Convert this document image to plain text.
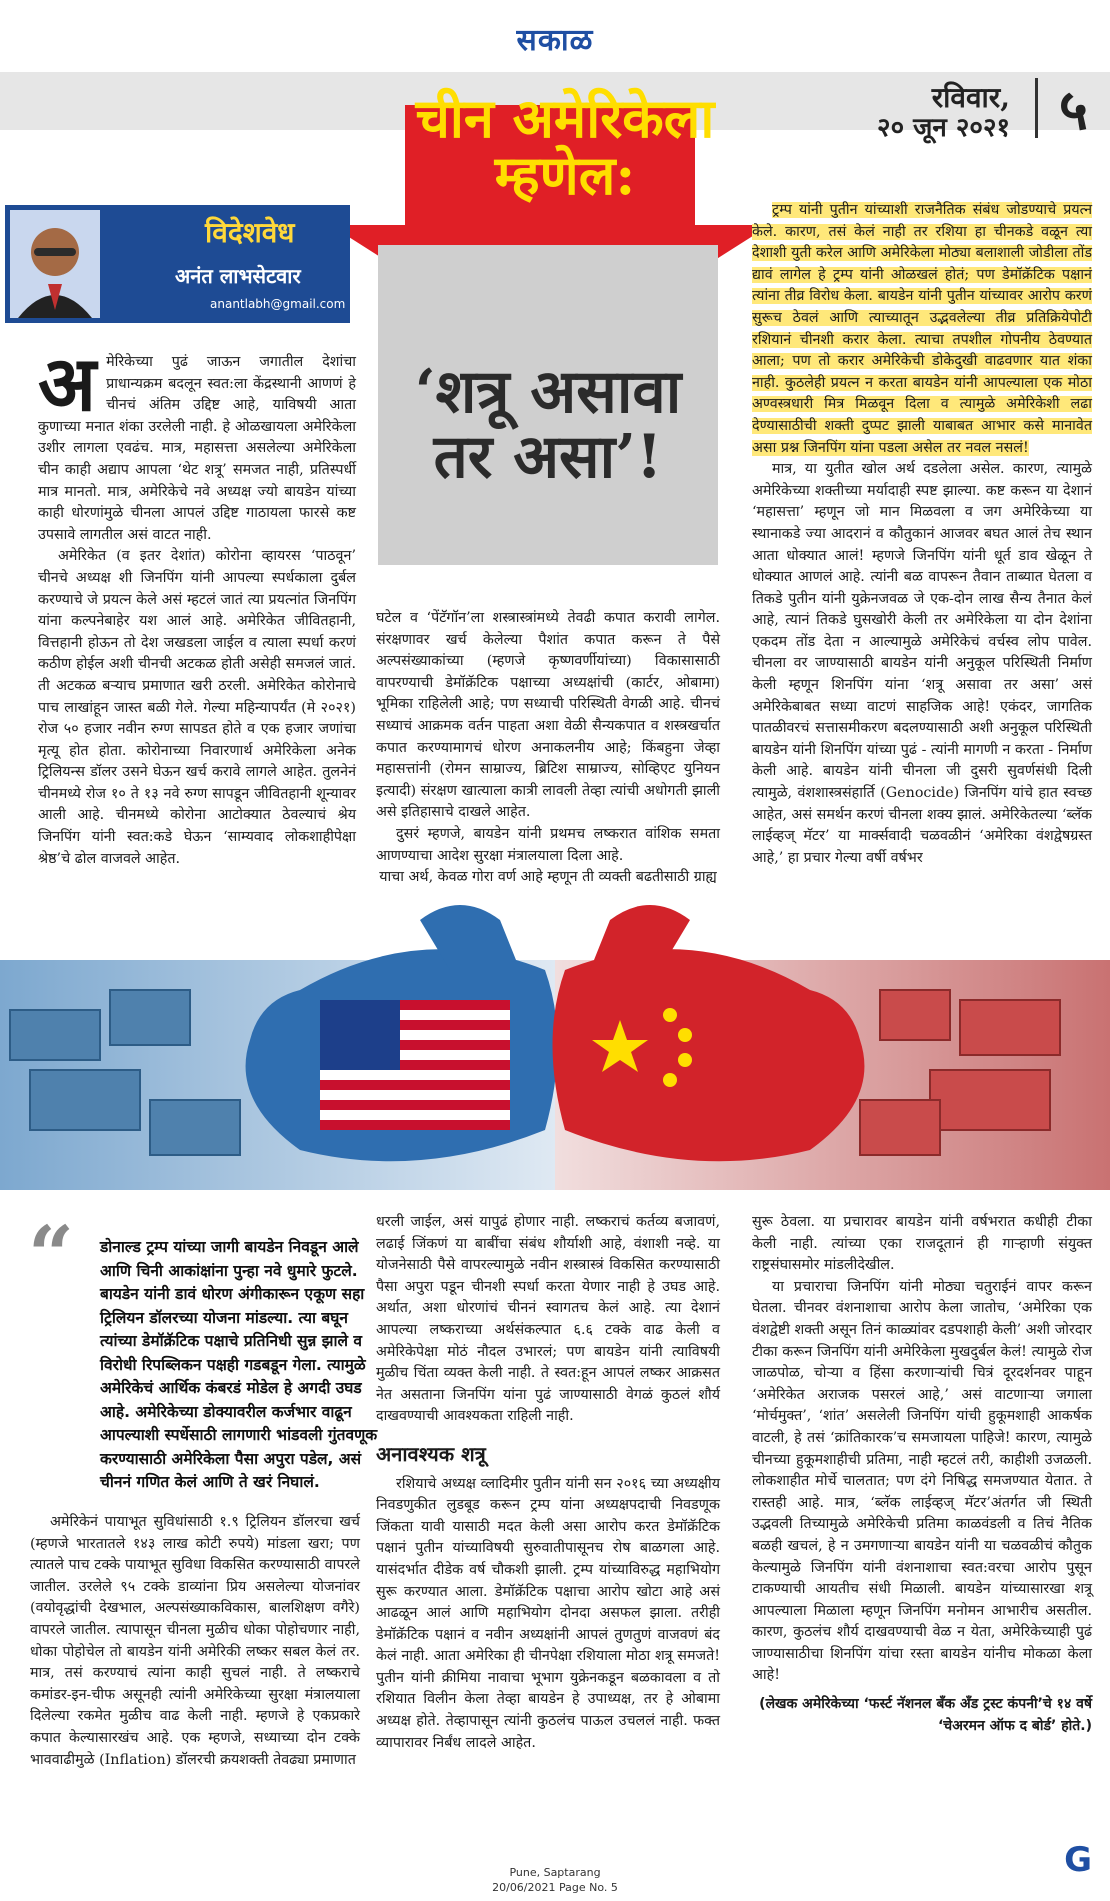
सकाळ
रविवार,
२० जून २०२१ ५
चीन अमेरिकेला म्हणेल:
‘शत्रू असावा तर असा’!
विदेशवेध
अनंत लाभसेटवार
anantlabh@gmail.com
अ मेरिकेच्या पुढं जाऊन जगातील देशांचा प्राधान्यक्रम बदलून स्वत:ला केंद्रस्थानी आणणं हे चीनचं अंतिम उद्दिष्ट आहे, याविषयी आता कुणाच्या मनात शंका उरलेली नाही. हे ओळखायला अमेरिकेला उशीर लागला एवढंच. मात्र, महासत्ता असलेल्या अमेरिकेला चीन काही अद्याप आपला ‘थेट शत्रू’ समजत नाही, प्रतिस्पर्धी मात्र मानतो. मात्र, अमेरिकेचे नवे अध्यक्ष ज्यो बायडेन यांच्या काही धोरणांमुळे चीनला आपलं उद्दिष्ट गाठायला फारसे कष्ट उपसावे लागतील असं वाटत नाही.

अमेरिकेत (व इतर देशांत) कोरोना व्हायरस ‘पाठवून’ चीनचे अध्यक्ष शी जिनपिंग यांनी आपल्या स्पर्धकाला दुर्बल करण्याचे जे प्रयत्न केले असं म्हटलं जातं त्या प्रयत्नांत जिनपिंग यांना कल्पनेबाहेर यश आलं आहे. अमेरिकेत जीवितहानी, वित्तहानी होऊन तो देश जखडला जाईल व त्याला स्पर्धा करणं कठीण होईल अशी चीनची अटकळ होती असेही समजलं जातं. ती अटकळ बऱ्याच प्रमाणात खरी ठरली. अमेरिकेत कोरोनाचे पाच लाखांहून जास्त बळी गेले. गेल्या महिन्यापर्यंत (मे २०२१) रोज ५० हजार नवीन रुग्ण सापडत होते व एक हजार जणांचा मृत्यू होत होता. कोरोनाच्या निवारणार्थ अमेरिकेला अनेक ट्रिलियन्स डॉलर उसने घेऊन खर्च करावे लागले आहेत. तुलनेनं चीनमध्ये रोज १० ते १३ नवे रुग्ण सापडून जीवितहानी शून्यावर आली आहे. चीनमध्ये कोरोना आटोक्यात ठेवल्याचं श्रेय जिनपिंग यांनी स्वत:कडे घेऊन ‘साम्यवाद लोकशाहीपेक्षा श्रेष्ठ’चे ढोल वाजवले आहेत.

घटेल व ‘पेंटॅगॉन’ला शस्त्रास्त्रांमध्ये तेवढी कपात करावी लागेल. संरक्षणावर खर्च केलेल्या पैशांत कपात करून ते पैसे अल्पसंख्याकांच्या (म्हणजे कृष्णवर्णीयांच्या) विकासासाठी वापरण्याची डेमॉक्रॅटिक पक्षाच्या अध्यक्षांची (कार्टर, ओबामा) भूमिका राहिलेली आहे; पण सध्याची परिस्थिती वेगळी आहे. चीनचं सध्याचं आक्रमक वर्तन पाहता अशा वेळी सैन्यकपात व शस्त्रखर्चात कपात करण्यामागचं धोरण अनाकलनीय आहे; किंबहुना जेव्हा महासत्तांनी (रोमन साम्राज्य, ब्रिटिश साम्राज्य, सोव्हिएट युनियन इत्यादी) संरक्षण खात्याला कात्री लावली तेव्हा त्यांची अधोगती झाली असे इतिहासाचे दाखले आहेत.

दुसरं म्हणजे, बायडेन यांनी प्रथमच लष्करात वांशिक समता आणण्याचा आदेश सुरक्षा मंत्रालयाला दिला आहे.

याचा अर्थ, केवळ गोरा वर्ण आहे म्हणून ती व्यक्ती बढतीसाठी ग्राह्य

ट्रम्प यांनी पुतीन यांच्याशी राजनैतिक संबंध जोडण्याचे प्रयत्न केले. कारण, तसं केलं नाही तर रशिया हा चीनकडे वळून त्या देशाशी युती करेल आणि अमेरिकेला मोठ्या बलाशाली जोडीला तोंड द्यावं लागेल हे ट्रम्प यांनी ओळखलं होतं; पण डेमॉक्रॅटिक पक्षानं त्यांना तीव्र विरोध केला. बायडेन यांनी पुतीन यांच्यावर आरोप करणं सुरूच ठेवलं आणि त्याच्यातून उद्भवलेल्या तीव्र प्रतिक्रियेपोटी रशियानं चीनशी करार केला. त्याचा तपशील गोपनीय ठेवण्यात आला; पण तो करार अमेरिकेची डोकेदुखी वाढवणार यात शंका नाही. कुठलेही प्रयत्न न करता बायडेन यांनी आपल्याला एक मोठा अण्वस्त्रधारी मित्र मिळवून दिला व त्यामुळे अमेरिकेशी लढा देण्यासाठीची शक्ती दुप्पट झाली याबाबत आभार कसे मानावेत असा प्रश्न जिनपिंग यांना पडला असेल तर नवल नसलं!

मात्र, या युतीत खोल अर्थ दडलेला असेल. कारण, त्यामुळे अमेरिकेच्या शक्तीच्या मर्यादाही स्पष्ट झाल्या. कष्ट करून या देशानं ‘महासत्ता’ म्हणून जो मान मिळवला व जग अमेरिकेच्या या स्थानाकडे ज्या आदरानं व कौतुकानं आजवर बघत आलं तेच स्थान आता धोक्यात आलं! म्हणजे जिनपिंग यांनी धूर्त डाव खेळून ते धोक्यात आणलं आहे. त्यांनी बळ वापरून तैवान ताब्यात घेतला व तिकडे पुतीन यांनी युक्रेनजवळ जे एक-दोन लाख सैन्य तैनात केलं आहे, त्यानं तिकडे घुसखोरी केली तर अमेरिकेला या दोन देशांना एकदम तोंड देता न आल्यामुळे अमेरिकेचं वर्चस्व लोप पावेल. चीनला वर जाण्यासाठी बायडेन यांनी अनुकूल परिस्थिती निर्माण केली म्हणून शिनपिंग यांना ‘शत्रू असावा तर असा’ असं अमेरिकेबाबत सध्या वाटणं साहजिक आहे! एकंदर, जागतिक पातळीवरचं सत्तासमीकरण बदलण्यासाठी अशी अनुकूल परिस्थिती बायडेन यांनी शिनपिंग यांच्या पुढं - त्यांनी मागणी न करता - निर्माण केली आहे. बायडेन यांनी चीनला जी दुसरी सुवर्णसंधी दिली त्यामुळे, वंशशास्त्रसंहार्ति (Genocide) जिनपिंग यांचे हात स्वच्छ आहेत, असं समर्थन करणं चीनला शक्य झालं. अमेरिकेतल्या ‘ब्लॅक लाईव्हज्‌ मॅटर’ या मार्क्सवादी चळवळीनं ‘अमेरिका वंशद्वेषग्रस्त आहे,’ हा प्रचार गेल्या वर्षी वर्षभर

“ डोनाल्ड ट्रम्प यांच्या जागी बायडेन निवडून आले आणि चिनी आकांक्षांना पुन्हा नवे धुमारे फुटले. बायडेन यांनी डावं धोरण अंगीकारून एकूण सहा ट्रिलियन डॉलरच्या योजना मांडल्या. त्या बघून त्यांच्या डेमॉक्रॅटिक पक्षाचे प्रतिनिधी सुन्न झाले व विरोधी रिपब्लिकन पक्षही गडबडून गेला. त्यामुळे अमेरिकेचं आर्थिक कंबरडं मोडेल हे अगदी उघड आहे. अमेरिकेच्या डोक्यावरील कर्जभार वाढून आपल्याशी स्पर्धेसाठी लागणारी भांडवली गुंतवणूक करण्यासाठी अमेरिकेला पैसा अपुरा पडेल, असं चीननं गणित केलं आणि ते खरं निघालं.

अमेरिकेनं पायाभूत सुविधांसाठी १.९ ट्रिलियन डॉलरचा खर्च (म्हणजे भारतातले १४३ लाख कोटी रुपये) मांडला खरा; पण त्यातले पाच टक्के पायाभूत सुविधा विकसित करण्यासाठी वापरले जातील. उरलेले ९५ टक्के डाव्यांना प्रिय असलेल्या योजनांवर (वयोवृद्धांची देखभाल, अल्पसंख्याकविकास, बालशिक्षण वगैरे) वापरले जातील. त्यापासून चीनला मुळीच धोका पोहोचणार नाही, धोका पोहोचेल तो बायडेन यांनी अमेरिकी लष्कर सबल केलं तर. मात्र, तसं करण्याचं त्यांना काही सुचलं नाही. ते लष्कराचे कमांडर-इन-चीफ असूनही त्यांनी अमेरिकेच्या सुरक्षा मंत्रालयाला दिलेल्या रकमेत मुळीच वाढ केली नाही. म्हणजे हे एकप्रकारे कपात केल्यासारखंच आहे. एक म्हणजे, सध्याच्या दोन टक्के भाववाढीमुळे (Inflation) डॉलरची क्रयशक्ती तेवढ्या प्रमाणात

धरली जाईल, असं यापुढं होणार नाही. लष्कराचं कर्तव्य बजावणं, लढाई जिंकणं या बाबींचा संबंध शौर्याशी आहे, वंशाशी नव्हे. या योजनेसाठी पैसे वापरल्यामुळे नवीन शस्त्रास्त्रं विकसित करण्यासाठी पैसा अपुरा पडून चीनशी स्पर्धा करता येणार नाही हे उघड आहे. अर्थात, अशा धोरणांचं चीननं स्वागतच केलं आहे. त्या देशानं आपल्या लष्कराच्या अर्थसंकल्पात ६.६ टक्के वाढ केली व अमेरिकेपेक्षा मोठं नौदल उभारलं; पण बायडेन यांनी त्याविषयी मुळीच चिंता व्यक्त केली नाही. ते स्वत:हून आपलं लष्कर आक्रसत नेत असताना जिनपिंग यांना पुढं जाण्यासाठी वेगळं कुठलं शौर्य दाखवण्याची आवश्यकता राहिली नाही.

अनावश्यक शत्रू

रशियाचे अध्यक्ष व्लादिमीर पुतीन यांनी सन २०१६ च्या अध्यक्षीय निवडणुकीत लुडबूड करून ट्रम्प यांना अध्यक्षपदाची निवडणूक जिंकता यावी यासाठी मदत केली असा आरोप करत डेमॉक्रॅटिक पक्षानं पुतीन यांच्याविषयी सुरुवातीपासूनच रोष बाळगला आहे. यासंदर्भात दीडेक वर्ष चौकशी झाली. ट्रम्प यांच्याविरुद्ध महाभियोग सुरू करण्यात आला. डेमॉक्रॅटिक पक्षाचा आरोप खोटा आहे असं आढळून आलं आणि महाभियोग दोनदा असफल झाला. तरीही डेमॉक्रॅटिक पक्षानं व नवीन अध्यक्षांनी आपलं तुणतुणं वाजवणं बंद केलं नाही. आता अमेरिका ही चीनपेक्षा रशियाला मोठा शत्रू समजते! पुतीन यांनी क्रीमिया नावाचा भूभाग युक्रेनकडून बळकावला व तो रशियात विलीन केला तेव्हा बायडेन हे उपाध्यक्ष, तर हे ओबामा अध्यक्ष होते. तेव्हापासून त्यांनी कुठलंच पाऊल उचललं नाही. फक्त व्यापारावर निर्बंध लादले आहेत.

सुरू ठेवला. या प्रचारावर बायडेन यांनी वर्षभरात कधीही टीका केली नाही. त्यांच्या एका राजदूतानं ही गाऱ्हाणी संयुक्त राष्ट्रसंघासमोर मांडलीदेखील.

या प्रचाराचा जिनपिंग यांनी मोठ्या चतुराईनं वापर करून घेतला. चीनवर वंशनाशाचा आरोप केला जातोच, ‘अमेरिका एक वंशद्वेष्टी शक्ती असून तिनं काळ्यांवर दडपशाही केली’ अशी जोरदार टीका करून जिनपिंग यांनी अमेरिकेला मुखदुर्बल केलं! त्यामुळे रोज जाळपोळ, चोऱ्या व हिंसा करणाऱ्यांची चित्रं दूरदर्शनवर पाहून ‘अमेरिकेत अराजक पसरलं आहे,’ असं वाटणाऱ्या जगाला ‘मोर्चमुक्त’, ‘शांत’ असलेली जिनपिंग यांची हुकूमशाही आकर्षक वाटली, हे तसं ‘क्रांतिकारक’च समजायला पाहिजे! कारण, त्यामुळे चीनच्या हुकूमशाहीची प्रतिमा, नाही म्हटलं तरी, काहीशी उजळली. लोकशाहीत मोर्चे चालतात; पण दंगे निषिद्ध समजण्यात येतात. ते रास्तही आहे. मात्र, ‘ब्लॅक लाईव्हज्‌ मॅटर’अंतर्गत जी स्थिती उद्भवली तिच्यामुळे अमेरिकेची प्रतिमा काळवंडली व तिचं नैतिक बळही खचलं, हे न उमगणाऱ्या बायडेन यांनी या चळवळीचं कौतुक केल्यामुळे जिनपिंग यांनी वंशनाशाचा स्वत:वरचा आरोप पुसून टाकण्याची आयतीच संधी मिळाली. बायडेन यांच्यासारखा शत्रू आपल्याला मिळाला म्हणून जिनपिंग मनोमन आभारीच असतील. कारण, कुठलंच शौर्य दाखवण्याची वेळ न येता, अमेरिकेच्याही पुढं जाण्यासाठीचा शिनपिंग यांचा रस्ता बायडेन यांनीच मोकळा केला आहे!

(लेखक अमेरिकेच्या ‘फर्स्ट नॅशनल बँक अँड ट्रस्ट कंपनी’चे १४ वर्षे ‘चेअरमन ऑफ द बोर्ड’ होते.)
Pune, Saptarang
20/06/2021 Page No. 5
G
